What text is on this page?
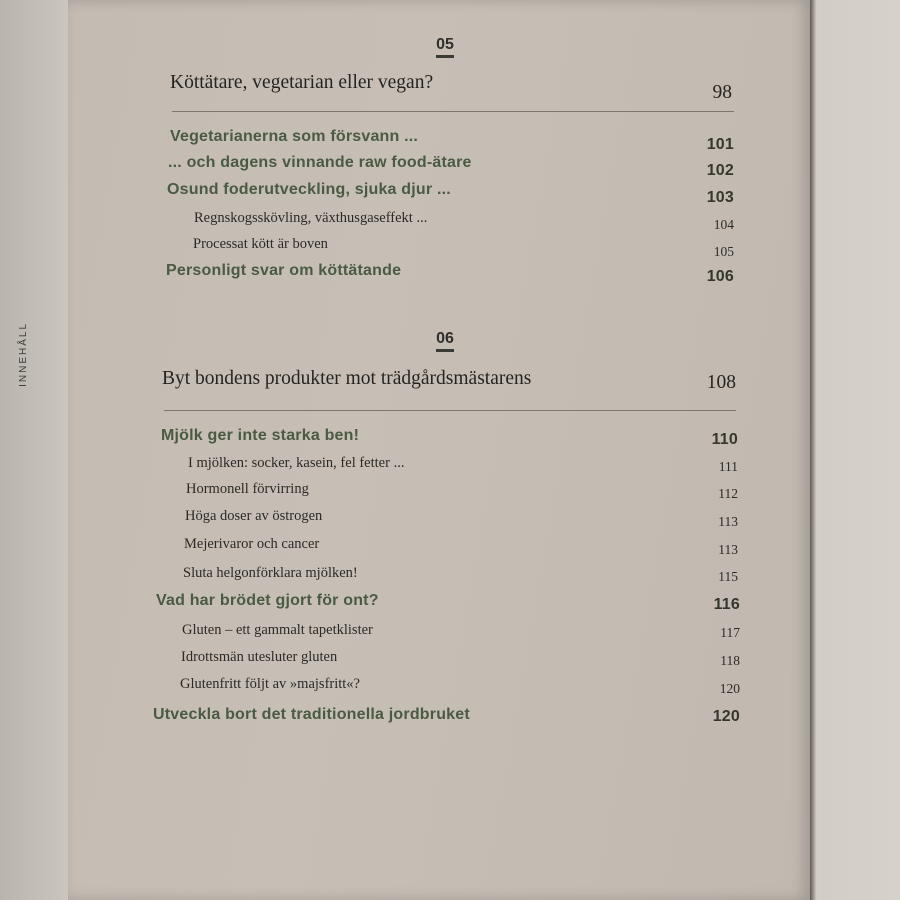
INNEHÅLL
05
Köttätare, vegetarian eller vegan?	98
Vegetarianerna som försvann ...	101
... och dagens vinnande raw food-ätare	102
Osund foderutveckling, sjuka djur ...	103
Regnskogsskövling, växthusgaseffekt ...	104
Processat kött är boven	105
Personligt svar om köttätande	106
06
Byt bondens produkter mot trädgårdsmästarens	108
Mjölk ger inte starka ben!	110
I mjölken: socker, kasein, fel fetter ...	111
Hormonell förvirring	112
Höga doser av östrogen	113
Mejerivaror och cancer	113
Sluta helgonförklara mjölken!	115
Vad har brödet gjort för ont?	116
Gluten – ett gammalt tapetklister	117
Idrottsmän utesluter gluten	118
Glutenfritt följt av »majsfritt«?	120
Utveckla bort det traditionella jordbruket	120
